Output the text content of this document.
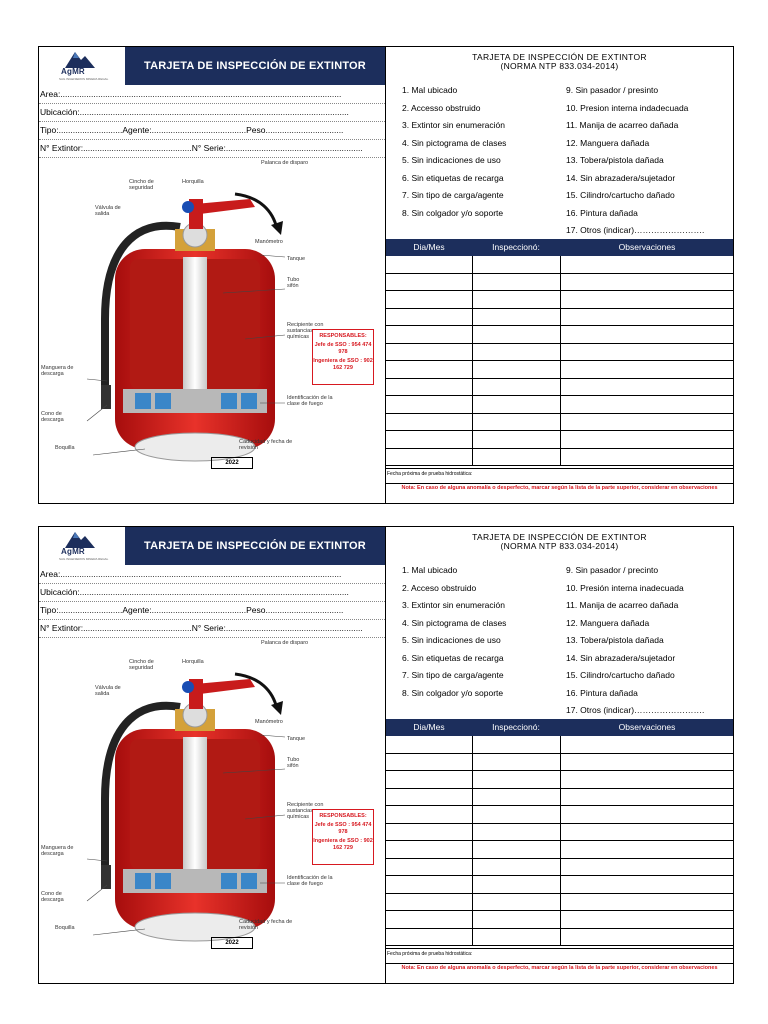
AgMR
SAG INGENIEROS MINERA REGAL
TARJETA DE INSPECCIÓN DE EXTINTOR
Area:.......................................................................................................................
Ubicación:..................................................................................................................
Tipo:...........................Agente:........................................Peso.................................
N° Extintor:..............................................N° Serie:..........................................................
Palanca de disparo
Cincho de seguridad
Horquilla
Válvula de salida
Manómetro
Tanque
Tubo sifón
Recipiente con sustancias químicas
Manguera de descarga
Identificación de la clase de fuego
Cono de descarga
Caducidad y fecha de revisión
Boquilla
2022
RESPONSABLES:
Jefe de SSO : 954 474 978
Ingeniera de SSO : 902 162 729
TARJETA DE INSPECCIÓN DE EXTINTOR
(NORMA NTP 833.034-2014)
1. Mal ubicado
2. Accesso obstruido
3. Extintor sin enumeración
4. Sin pictograma de clases
5. Sin indicaciones de uso
6. Sin etiquetas de recarga
7. Sin tipo de carga/agente
8. Sin colgador y/o soporte
9. Sin pasador / presinto
10. Presion interna indadecuada
11. Manija de acarreo dañada
12. Manguera dañada
13. Tobera/pistola dañada
14. Sin abrazadera/sujetador
15. Cilindro/cartucho dañado
16. Pintura dañada
17. Otros (indicar)…………………….
Dia/Mes	Inspeccionó:	Observaciones
Fecha próxima de prueba hidrostática:
Nota: En caso de alguna anomalía o desperfecto, marcar según la lista de la parte superior, considerar en observaciones
AgMR
SAG INGENIEROS MINERA REGAL
TARJETA DE INSPECCIÓN DE EXTINTOR
Area:.......................................................................................................................
Ubicación:..................................................................................................................
Tipo:...........................Agente:........................................Peso.................................
N° Extintor:..............................................N° Serie:..........................................................
Palanca de disparo
Cincho de seguridad
Horquilla
Válvula de salida
Manómetro
Tanque
Tubo sifón
Recipiente con sustancias químicas
Manguera de descarga
Identificación de la clase de fuego
Cono de descarga
Caducidad y fecha de revisión
Boquilla
2022
RESPONSABLES:
Jefe de SSO : 954 474 978
Ingeniera de SSO : 902 162 729
TARJETA DE INSPECCIÓN DE EXTINTOR
(NORMA NTP 833.034-2014)
1. Mal ubicado
2. Acceso obstruido
3. Extintor sin enumeración
4. Sin pictograma de clases
5. Sin indicaciones de uso
6. Sin etiquetas de recarga
7. Sin tipo de carga/agente
8. Sin colgador y/o soporte
9. Sin pasador / precinto
10. Presión interna inadecuada
11. Manija de acarreo dañada
12. Manguera dañada
13. Tobera/pistola dañada
14. Sin abrazadera/sujetador
15. Cilindro/cartucho dañado
16. Pintura dañada
17. Otros (indicar)…………………….
Dia/Mes	Inspeccionó:	Observaciones
Fecha próxima de prueba hidrostática:
Nota: En caso de alguna anomalía o desperfecto, marcar según la lista de la parte superior, considerar en observaciones
